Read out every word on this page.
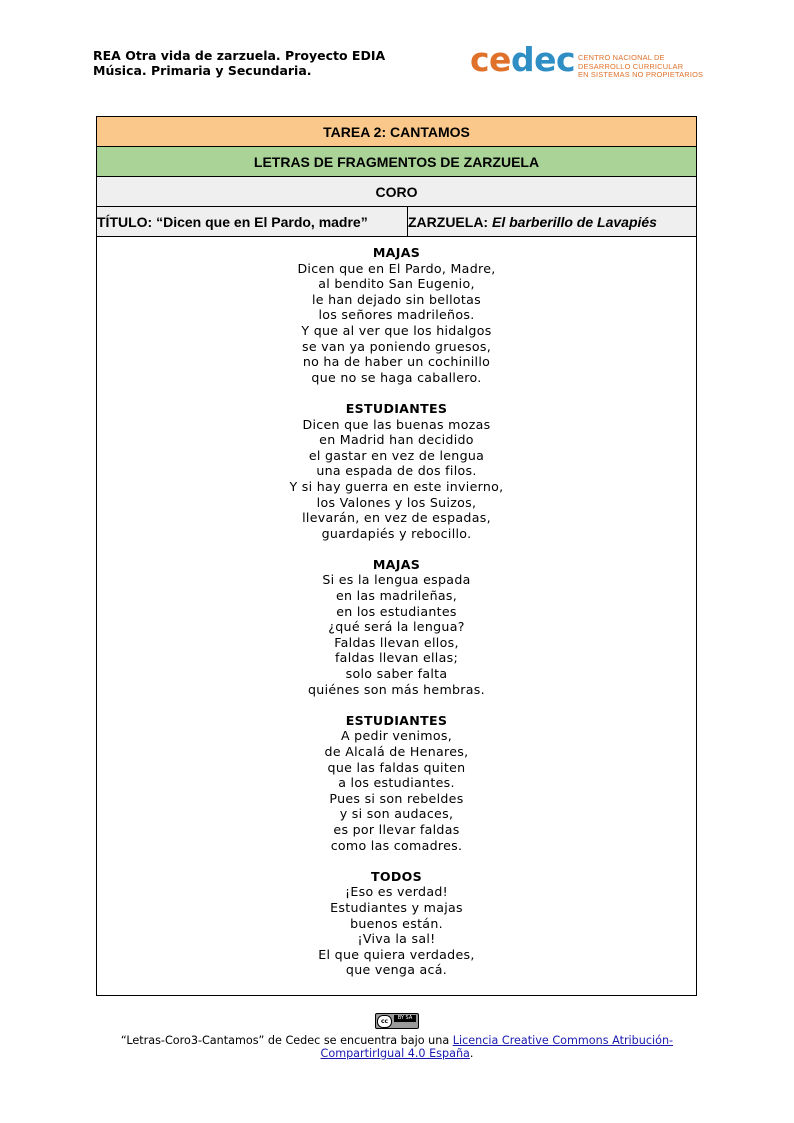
REA Otra vida de zarzuela. Proyecto EDIA
Música. Primaria y Secundaria.	cedec CENTRO NACIONAL DE
DESARROLLO CURRICULAR
EN SISTEMAS NO PROPIETARIOS
TAREA 2: CANTAMOS
LETRAS DE FRAGMENTOS DE ZARZUELA
CORO
TÍTULO: “Dicen que en El Pardo, madre”	ZARZUELA: El barberillo de Lavapiés

MAJAS
Dicen que en El Pardo, Madre,
al bendito San Eugenio,
le han dejado sin bellotas
los señores madrileños.
Y que al ver que los hidalgos
se van ya poniendo gruesos,
no ha de haber un cochinillo
que no se haga caballero.
ESTUDIANTES
Dicen que las buenas mozas
en Madrid han decidido
el gastar en vez de lengua
una espada de dos filos.
Y si hay guerra en este invierno,
los Valones y los Suizos,
llevarán, en vez de espadas,
guardapiés y rebocillo.
MAJAS
Si es la lengua espada
en las madrileñas,
en los estudiantes
¿qué será la lengua?
Faldas llevan ellos,
faldas llevan ellas;
solo saber falta
quiénes son más hembras.
ESTUDIANTES
A pedir venimos,
de Alcalá de Henares,
que las faldas quiten
a los estudiantes.
Pues si son rebeldes
y si son audaces,
es por llevar faldas
como las comadres.
TODOS
¡Eso es verdad!
Estudiantes y majas
buenos están.
¡Viva la sal!
El que quiera verdades,
que venga acá.
cc	BY SA
“Letras-Coro3-Cantamos” de Cedec se encuentra bajo una Licencia Creative Commons Atribución-
CompartirIgual 4.0 España.
